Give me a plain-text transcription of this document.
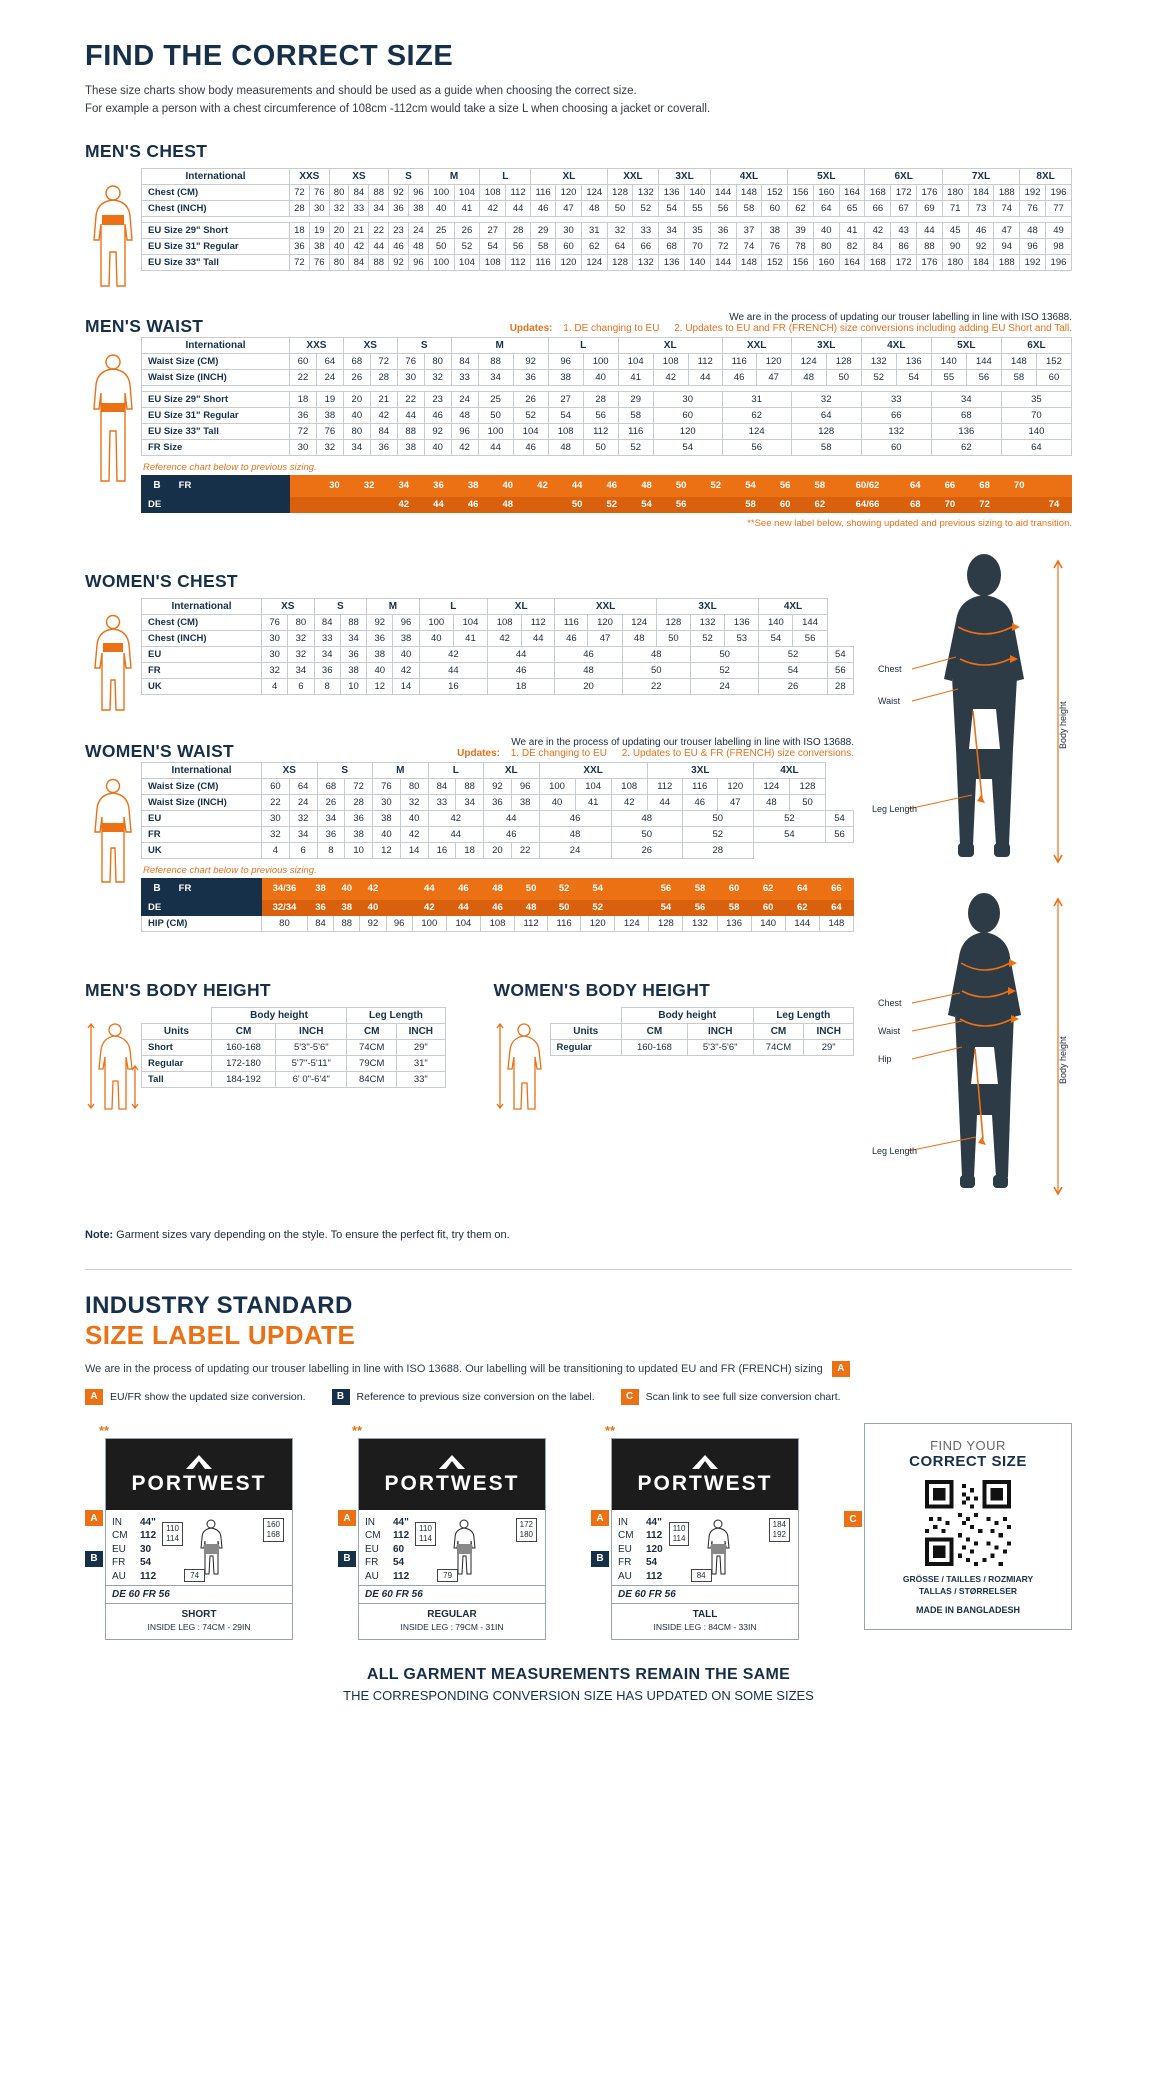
FIND THE CORRECT SIZE
These size charts show body measurements and should be used as a guide when choosing the correct size.
For example a person with a chest circumference of 108cm -112cm would take a size L when choosing a jacket or coverall.
MEN'S CHEST
International	XXS		XS			S		M		L		XL			XXL		3XL		4XL			5XL			6XL			7XL			8XL	
Chest (CM)	72	76	80	84	88	92	96	100	104	108	112	116	120	124	128	132	136	140	144	148	152	156	160	164	168	172	176	180	184	188	192	196
Chest (INCH)	28	30	32	33	34	36	38	40	41	42	44	46	47	48	50	52	54	55	56	58	60	62	64	65	66	67	69	71	73	74	76	77

EU Size 29" Short	18	19	20	21	22	23	24	25	26	27	28	29	30	31	32	33	34	35	36	37	38	39	40	41	42	43	44	45	46	47	48	49
EU Size 31" Regular	36	38	40	42	44	46	48	50	52	54	56	58	60	62	64	66	68	70	72	74	76	78	80	82	84	86	88	90	92	94	96	98
EU Size 33" Tall	72	76	80	84	88	92	96	100	104	108	112	116	120	124	128	132	136	140	144	148	152	156	160	164	168	172	176	180	184	188	192	196
MEN'S WAIST	We are in the process of updating our trouser labelling in line with ISO 13688.
Updates: 1. DE changing to EU 2. Updates to EU and FR (FRENCH) size conversions including adding EU Short and Tall.
International	XXS		XS		S		M			L		XL			XXL		3XL		4XL		5XL		6XL	
Waist Size (CM)	60	64	68	72	76	80	84	88	92	96	100	104	108	112	116	120	124	128	132	136	140	144	148	152
Waist Size (INCH)	22	24	26	28	30	32	33	34	36	38	40	41	42	44	46	47	48	50	52	54	55	56	58	60

EU Size 29" Short	18	19	20	21	22	23	24	25	26	27	28	29	30		31		32		33		34		35	
EU Size 31" Regular	36	38	40	42	44	46	48	50	52	54	56	58	60		62		64		66		68		70	
EU Size 33" Tall	72	76	80	84	88	92	96	100	104	108	112	116	120		124		128		132		136		140	
FR Size	30	32	34	36	38	40	42	44	46	48	50	52	54		56		58		60		62		64	
Reference chart below to previous sizing.
B FR			30	32	34	36	38	40	42	44	46	48	50	52	54	56	58	60/62	64	66	68	70	
DE					42	44	46	48		50	52	54	56		58	60	62	64/66	68	70	72		74
**See new label below, showing updated and previous sizing to aid transition.
WOMEN'S CHEST
International	XS		S		M		L		XL		XXL			3XL			4XL		
Chest (CM)	76	80	84	88	92	96	100	104	108	112	116	120	124	128	132	136	140	144	
Chest (INCH)	30	32	33	34	36	38	40	41	42	44	46	47	48	50	52	53	54	56	
EU	30	32	34	36	38	40	42		44		46		48		50		52		54
FR	32	34	36	38	40	42	44		46		48		50		52		54		56
UK	4	6	8	10	12	14	16		18		20		22		24		26		28
WOMEN'S WAIST	We are in the process of updating our trouser labelling in line with ISO 13688.
Updates: 1. DE changing to EU 2. Updates to EU & FR (FRENCH) size conversions.
International	XS		S		M		L		XL		XXL			3XL			4XL		
Waist Size (CM)	60	64	68	72	76	80	84	88	92	96	100	104	108	112	116	120	124	128	
Waist Size (INCH)	22	24	26	28	30	32	33	34	36	38	40	41	42	44	46	47	48	50	
EU	30	32	34	36	38	40	42		44		46		48		50		52		54
FR	32	34	36	38	40	42	44		46		48		50		52		54		56
UK	4	6	8	10	12	14	16	18	20	22	24		26		28				
Reference chart below to previous sizing.
B FR	34/36	38	40	42		44	46	48	50	52	54		56	58	60	62	64	66
DE	32/34	36	38	40		42	44	46	48	50	52		54	56	58	60	62	64
HIP (CM)	80	84	88	92	96	100	104	108	112	116	120	124	128	132	136	140	144	148
MEN'S BODY HEIGHT
	Body height		Leg Length	
Units	CM	INCH	CM	INCH
Short	160-168	5'3"-5'6"	74CM	29"
Regular	172-180	5'7"-5'11"	79CM	31"
Tall	184-192	6' 0"-6'4"	84CM	33"
WOMEN'S BODY HEIGHT
	Body height		Leg Length	
Units	CM	INCH	CM	INCH
Regular	160-168	5'3"-5'6"	74CM	29"
Chest
Waist
Leg Length
Body height
Chest
Waist
Hip
Leg Length
Body height
Note: Garment sizes vary depending on the style. To ensure the perfect fit, try them on.
INDUSTRY STANDARD
SIZE LABEL UPDATE
We are in the process of updating our trouser labelling in line with ISO 13688. Our labelling will be transitioning to updated EU and FR (FRENCH) sizing A
A	EU/FR show the updated size conversion.	B	Reference to previous size conversion on the label.	C	Scan link to see full size conversion chart.
**
A
B
PORTWEST
IN	44"
CM	112
EU	30
FR	54
AU	112
110
114
160
168
74
DE 60 FR 56
SHORT
INSIDE LEG : 74CM - 29IN
**
A
B
PORTWEST
IN	44"
CM	112
EU	60
FR	54
AU	112
110
114
172
180
79
DE 60 FR 56
REGULAR
INSIDE LEG : 79CM - 31IN
**
A
B
PORTWEST
IN	44"
CM	112
EU	120
FR	54
AU	112
110
114
184
192
84
DE 60 FR 56
TALL
INSIDE LEG : 84CM - 33IN
C
FIND YOUR
CORRECT SIZE
GRÖSSE / TAILLES / ROZMIARY
TALLAS / STØRRELSER
MADE IN BANGLADESH
ALL GARMENT MEASUREMENTS REMAIN THE SAME
THE CORRESPONDING CONVERSION SIZE HAS UPDATED ON SOME SIZES
